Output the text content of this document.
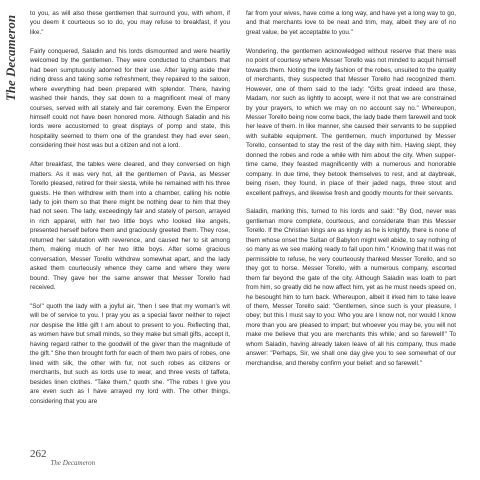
The Decameron

to you, as will also these gentlemen that surround you, with whom, if you deem it courteous so to do, you may refuse to breakfast, if you like."

Fairly conquered, Saladin and his lords dismounted and were heartily welcomed by the gentlemen. They were conducted to chambers that had been sumptuously adorned for their use. After laying aside their riding dress and taking some refreshment, they repaired to the saloon, where everything had been prepared with splendor. There, having washed their hands, they sat down to a magnificent meal of many courses, served with all stately and fair ceremony. Even the Emperor himself could not have been honored more. Although Saladin and his lords were accustomed to great displays of pomp and state, this hospitality seemed to them one of the grandest they had ever seen, considering their host was but a citizen and not a lord.

After breakfast, the tables were cleared, and they conversed on high matters. As it was very hot, all the gentlemen of Pavia, as Messer Torello pleased, retired for their siesta, while he remained with his three guests. He then withdrew with them into a chamber, calling his noble lady to join them so that there might be nothing dear to him that they had not seen. The lady, exceedingly fair and stately of person, arrayed in rich apparel, with her two little boys who looked like angels, presented herself before them and graciously greeted them. They rose, returned her salutation with reverence, and caused her to sit among them, making much of her two little boys. After some gracious conversation, Messer Torello withdrew somewhat apart, and the lady asked them courteously whence they came and where they were bound. They gave her the same answer that Messer Torello had received.

"So!" quoth the lady with a joyful air, "then I see that my woman's wit will be of service to you. I pray you as a special favor neither to reject nor despise the little gift I am about to present to you. Reflecting that, as women have but small minds, so they make but small gifts, accept it, having regard rather to the goodwill of the giver than the magnitude of the gift." She then brought forth for each of them two pairs of robes, one lined with silk, the other with fur, not such robes as citizens or merchants, but such as lords use to wear, and three vests of taffeta, besides linen clothes. "Take them," quoth she. "The robes I give you are even such as I have arrayed my lord with. The other things, considering that you are

far from your wives, have come a long way, and have yet a long way to go, and that merchants love to be neat and trim, may, albeit they are of no great value, be yet acceptable to you."

Wondering, the gentlemen acknowledged without reserve that there was no point of courtesy where Messer Torello was not minded to acquit himself towards them. Noting the lordly fashion of the robes, unsuited to the quality of merchants, they suspected that Messer Torello had recognized them. However, one of them said to the lady: "Gifts great indeed are these, Madam, nor such as lightly to accept, were it not that we are constrained by your prayers, to which we may on no account say no." Whereupon, Messer Torello being now come back, the lady bade them farewell and took her leave of them. In like manner, she caused their servants to be supplied with suitable equipment. The gentlemen, much importuned by Messer Torello, consented to stay the rest of the day with him. Having slept, they donned the robes and rode a while with him about the city. When supper-time came, they feasted magnificently with a numerous and honorable company. In due time, they betook themselves to rest, and at daybreak, being risen, they found, in place of their jaded nags, three stout and excellent palfreys, and likewise fresh and goodly mounts for their servants.

Saladin, marking this, turned to his lords and said: "By God, never was gentleman more complete, courteous, and considerate than this Messer Torello. If the Christian kings are as kingly as he is knightly, there is none of them whose onset the Sultan of Babylon might well abide, to say nothing of so many as we see making ready to fall upon him." Knowing that it was not permissible to refuse, he very courteously thanked Messer Torello, and so they got to horse. Messer Torello, with a numerous company, escorted them far beyond the gate of the city. Although Saladin was loath to part from him, so greatly did he now affect him, yet as he must needs speed on, he besought him to turn back. Whereupon, albeit it irked him to take leave of them, Messer Torello said: "Gentlemen, since such is your pleasure, I obey; but this I must say to you: Who you are I know not, nor would I know more than you are pleased to impart; but whoever you may be, you will not make me believe that you are merchants this while; and so farewell!" To whom Saladin, having already taken leave of all his company, thus made answer: "Perhaps, Sir, we shall one day give you to see somewhat of our merchandise, and thereby confirm your belief: and so farewell."

262
The Decameron
